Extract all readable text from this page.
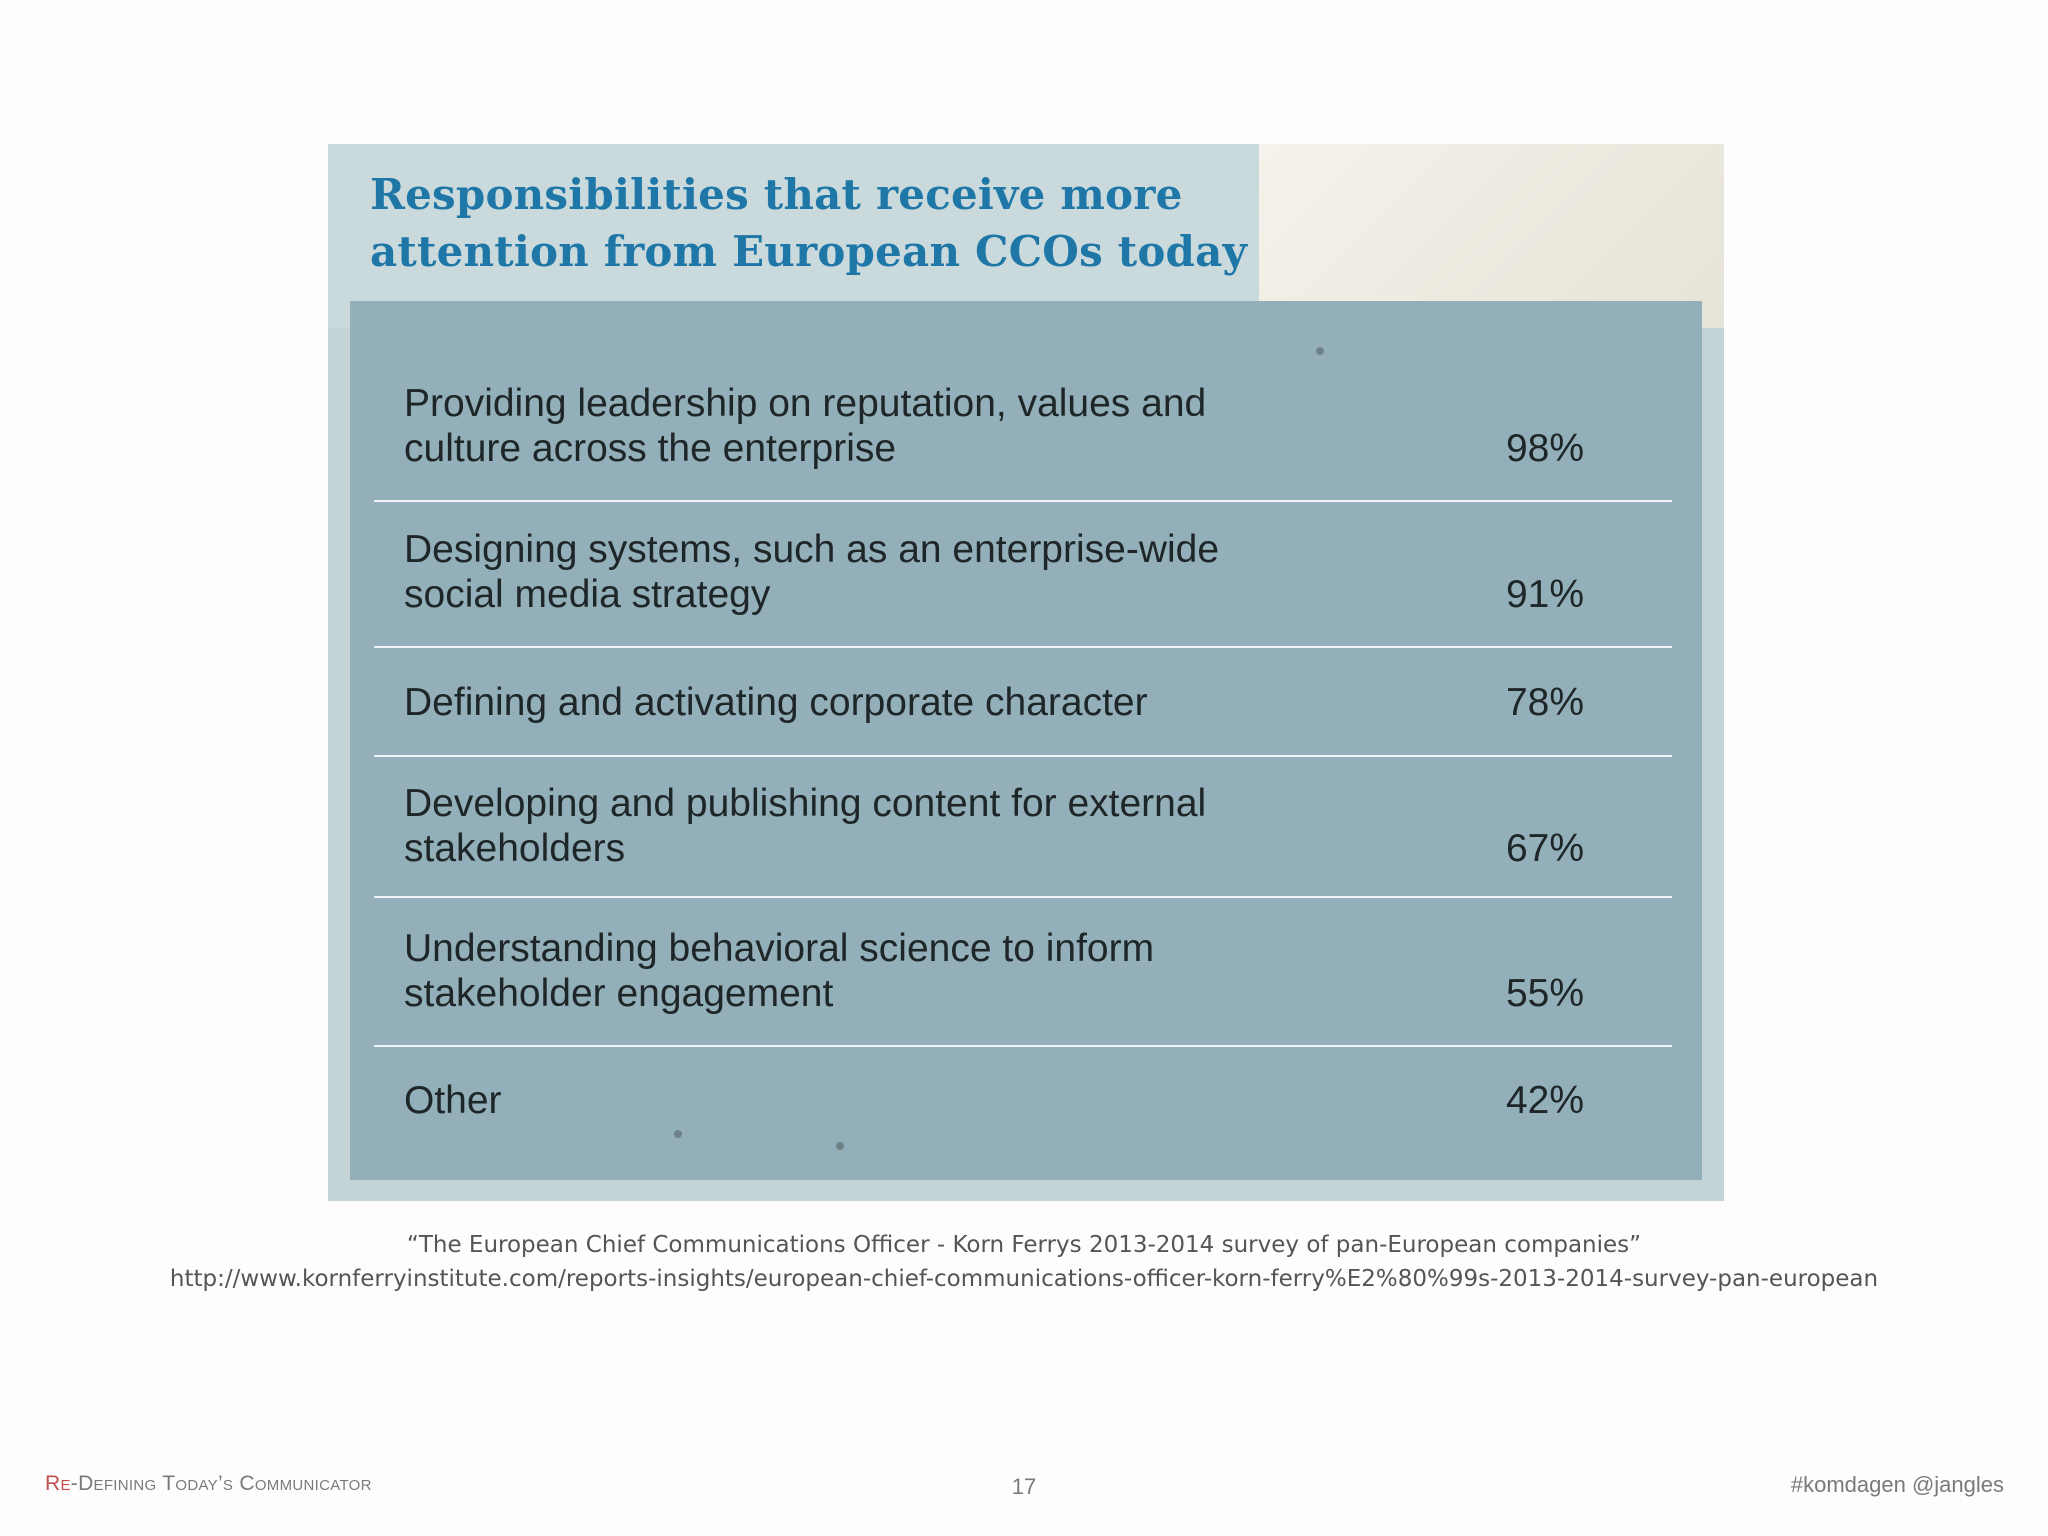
Responsibilities that receive more attention from European CCOs today
Providing leadership on reputation, values and culture across the enterprise	98%
Designing systems, such as an enterprise-wide social media strategy	91%
Defining and activating corporate character	78%
Developing and publishing content for external stakeholders	67%
Understanding behavioral science to inform stakeholder engagement	55%
Other	42%
“The European Chief Communications Officer - Korn Ferrys 2013-2014 survey of pan-European companies”
http://www.kornferryinstitute.com/reports-insights/european-chief-communications-officer-korn-ferry%E2%80%99s-2013-2014-survey-pan-european
Re-Defining Today’s Communicator	17	#komdagen @jangles
